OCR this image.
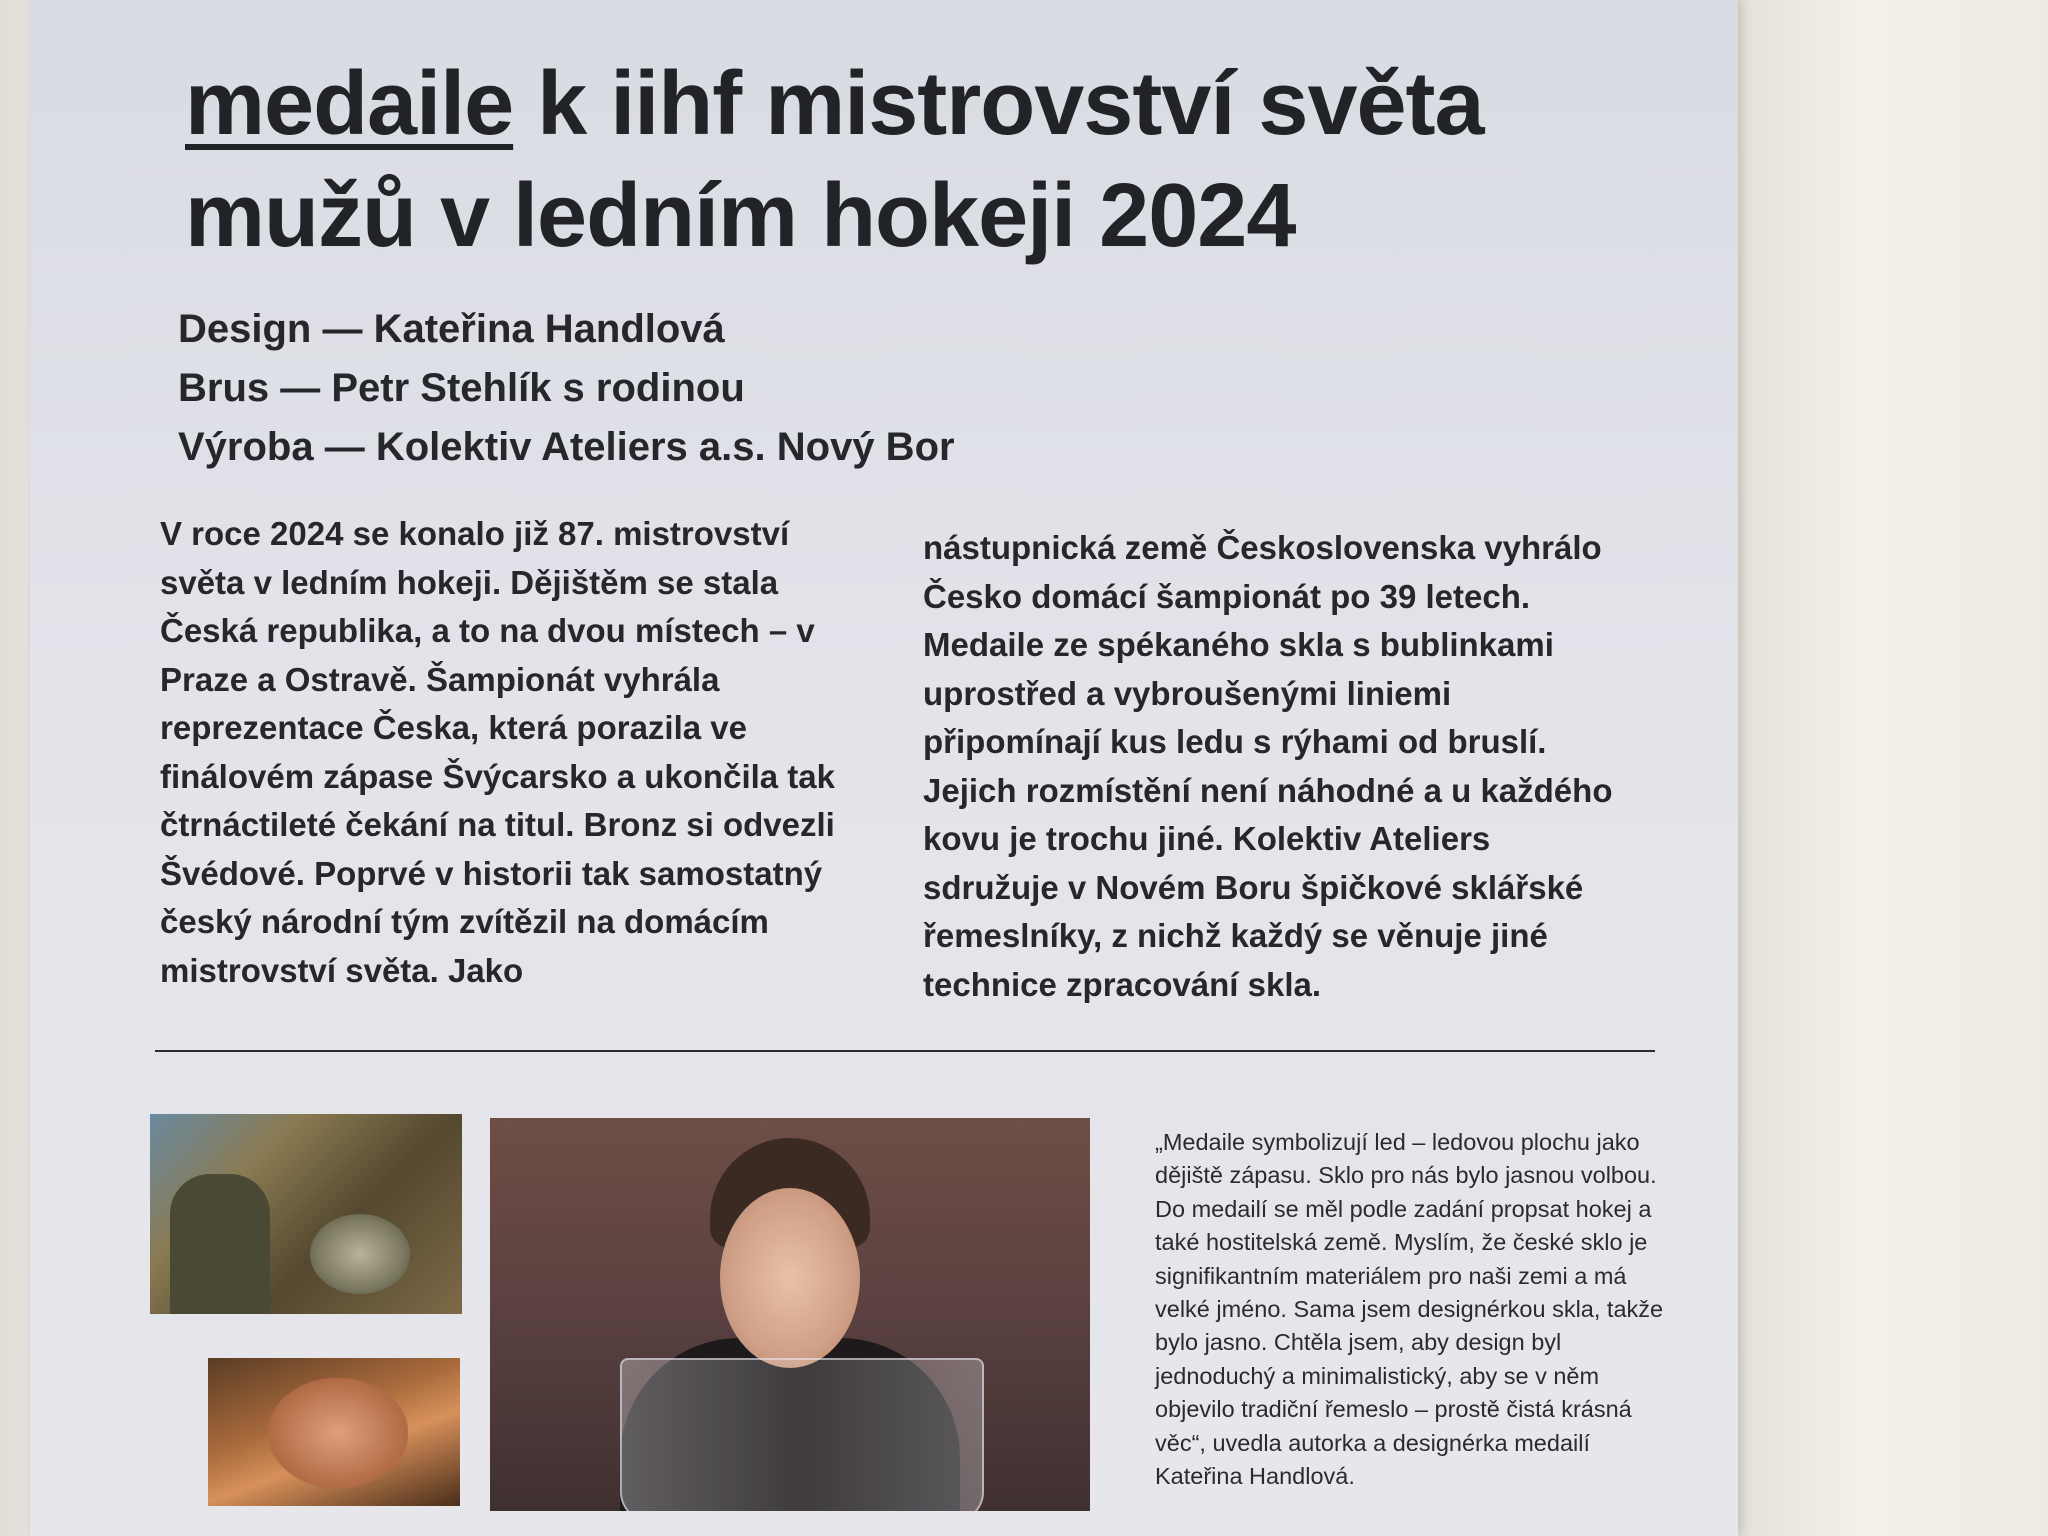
medaile k iihf mistrovství světa mužů v ledním hokeji 2024
Design — Kateřina Handlová
Brus — Petr Stehlík s rodinou
Výroba — Kolektiv Ateliers a.s. Nový Bor

V roce 2024 se konalo již 87. mistrovství světa v ledním hokeji. Dějištěm se stala Česká republika, a to na dvou místech – v Praze a Ostravě. Šampionát vyhrála reprezentace Česka, která porazila ve finálovém zápase Švýcarsko a ukončila tak čtrnáctileté čekání na titul. Bronz si odvezli Švédové. Poprvé v historii tak samostatný český národní tým zvítězil na domácím mistrovství světa. Jako

nástupnická země Československa vyhrálo Česko domácí šampionát po 39 letech. Medaile ze spékaného skla s bublinkami uprostřed a vybroušenými liniemi připomínají kus ledu s rýhami od bruslí. Jejich rozmístění není náhodné a u každého kovu je trochu jiné. Kolektiv Ateliers sdružuje v Novém Boru špičkové sklářské řemeslníky, z nichž každý se věnuje jiné technice zpracování skla.

„Medaile symbolizují led – ledovou plochu jako dějiště zápasu. Sklo pro nás bylo jasnou volbou. Do medailí se měl podle zadání propsat hokej a také hostitelská země. Myslím, že české sklo je signifikantním materiálem pro naši zemi a má velké jméno. Sama jsem designérkou skla, takže bylo jasno. Chtěla jsem, aby design byl jednoduchý a minimalistický, aby se v něm objevilo tradiční řemeslo – prostě čistá krásná věc“, uvedla autorka a designérka medailí Kateřina Handlová.
